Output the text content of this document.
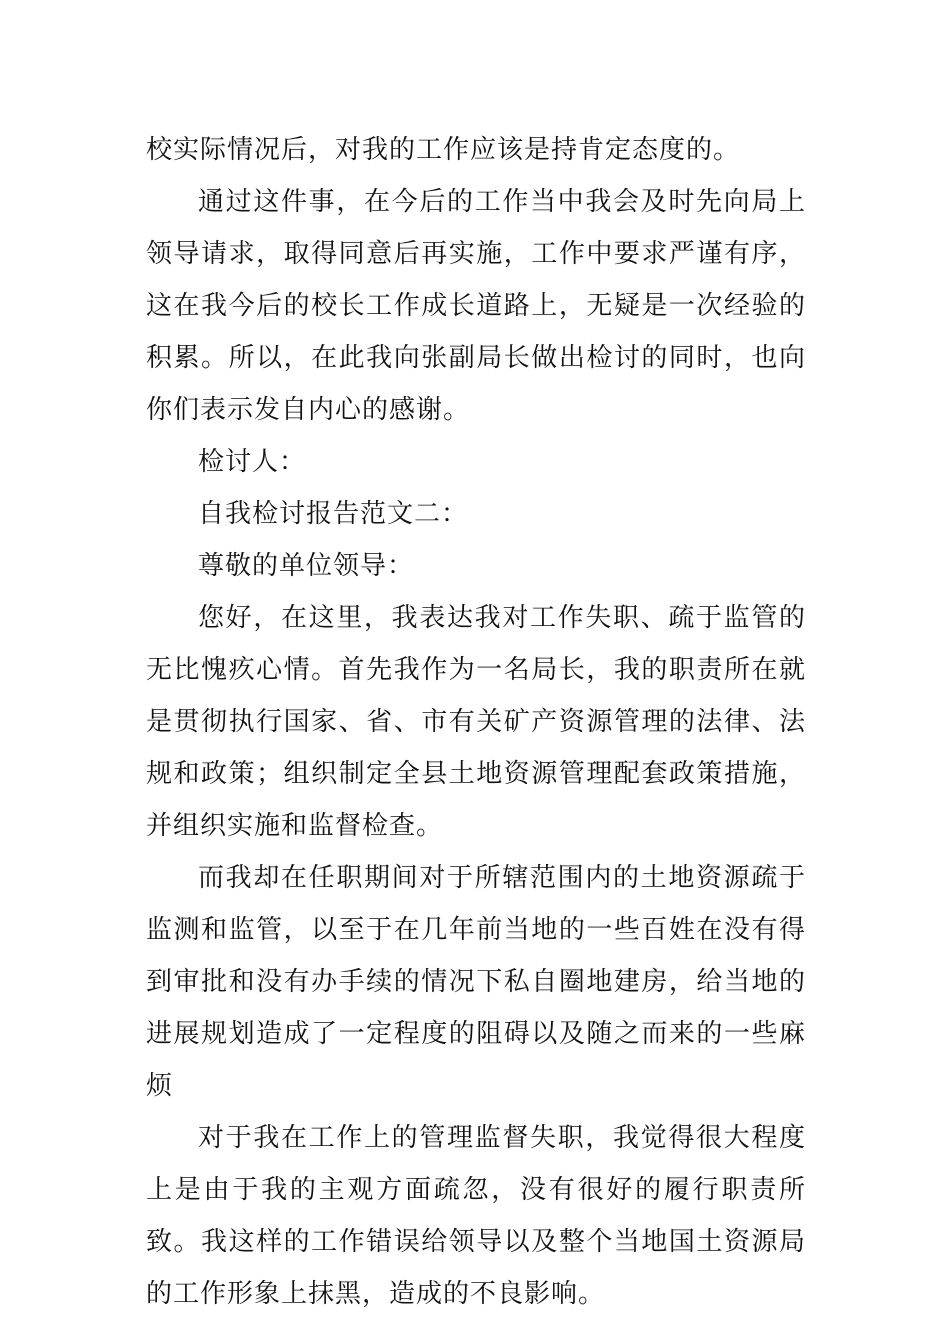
校实际情况后，对我的工作应该是持肯定态度的。

通过这件事，在今后的工作当中我会及时先向局上领导请求，取得同意后再实施，工作中要求严谨有序，这在我今后的校长工作成长道路上，无疑是一次经验的积累。所以，在此我向张副局长做出检讨的同时，也向你们表示发自内心的感谢。

检讨人：

自我检讨报告范文二：

尊敬的单位领导：

您好，在这里，我表达我对工作失职、疏于监管的无比愧疚心情。首先我作为一名局长，我的职责所在就是贯彻执行国家、省、市有关矿产资源管理的法律、法规和政策；组织制定全县土地资源管理配套政策措施，并组织实施和监督检查。

而我却在任职期间对于所辖范围内的土地资源疏于监测和监管，以至于在几年前当地的一些百姓在没有得到审批和没有办手续的情况下私自圈地建房，给当地的进展规划造成了一定程度的阻碍以及随之而来的一些麻烦

对于我在工作上的管理监督失职，我觉得很大程度上是由于我的主观方面疏忽，没有很好的履行职责所致。我这样的工作错误给领导以及整个当地国土资源局的工作形象上抹黑，造成的不良影响。
